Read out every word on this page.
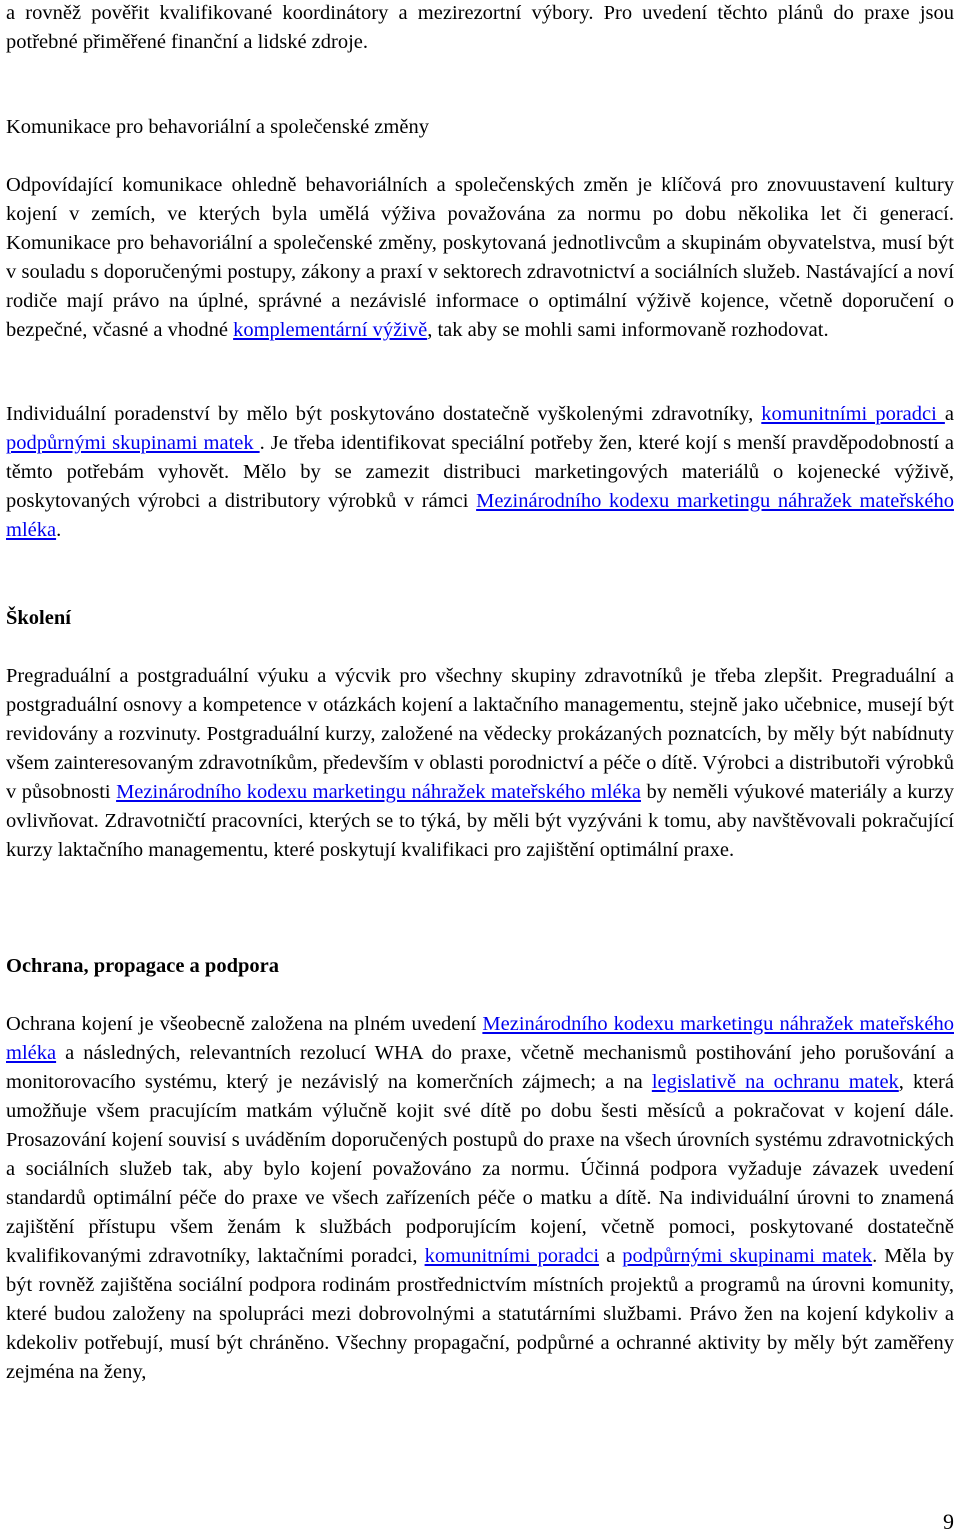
a rovněž pověřit kvalifikované koordinátory a mezirezortní výbory. Pro uvedení těchto plánů do praxe jsou potřebné přiměřené finanční a lidské zdroje.

Komunikace pro behavoriální a společenské změny

Odpovídající komunikace ohledně behavoriálních a společenských změn je klíčová pro znovuustavení kultury kojení v zemích, ve kterých byla umělá výživa považována za normu po dobu několika let či generací. Komunikace pro behavoriální a společenské změny, poskytovaná jednotlivcům a skupinám obyvatelstva, musí být v souladu s doporučenými postupy, zákony a praxí v sektorech zdravotnictví a sociálních služeb. Nastávající a noví rodiče mají právo na úplné, správné a nezávislé informace o optimální výživě kojence, včetně doporučení o bezpečné, včasné a vhodné komplementární výživě, tak aby se mohli sami informovaně rozhodovat.

Individuální poradenství by mělo být poskytováno dostatečně vyškolenými zdravotníky, komunitními poradci a podpůrnými skupinami matek . Je třeba identifikovat speciální potřeby žen, které kojí s menší pravděpodobností a těmto potřebám vyhovět. Mělo by se zamezit distribuci marketingových materiálů o kojenecké výživě, poskytovaných výrobci a distributory výrobků v rámci Mezinárodního kodexu marketingu náhražek mateřského mléka.

Školení

Pregraduální a postgraduální výuku a výcvik pro všechny skupiny zdravotníků je třeba zlepšit. Pregraduální a postgraduální osnovy a kompetence v otázkách kojení a laktačního managementu, stejně jako učebnice, musejí být revidovány a rozvinuty. Postgraduální kurzy, založené na vědecky prokázaných poznatcích, by měly být nabídnuty všem zainteresovaným zdravotníkům, především v oblasti porodnictví a péče o dítě. Výrobci a distributoři výrobků v působnosti Mezinárodního kodexu marketingu náhražek mateřského mléka by neměli výukové materiály a kurzy ovlivňovat. Zdravotničtí pracovníci, kterých se to týká, by měli být vyzýváni k tomu, aby navštěvovali pokračující kurzy laktačního managementu, které poskytují kvalifikaci pro zajištění optimální praxe.

Ochrana, propagace a podpora

Ochrana kojení je všeobecně založena na plném uvedení Mezinárodního kodexu marketingu náhražek mateřského mléka a následných, relevantních rezolucí WHA do praxe, včetně mechanismů postihování jeho porušování a monitorovacího systému, který je nezávislý na komerčních zájmech; a na legislativě na ochranu matek, která umožňuje všem pracujícím matkám výlučně kojit své dítě po dobu šesti měsíců a pokračovat v kojení dále. Prosazování kojení souvisí s uváděním doporučených postupů do praxe na všech úrovních systému zdravotnických a sociálních služeb tak, aby bylo kojení považováno za normu. Účinná podpora vyžaduje závazek uvedení standardů optimální péče do praxe ve všech zařízeních péče o matku a dítě. Na individuální úrovni to znamená zajištění přístupu všem ženám k službách podporujícím kojení, včetně pomoci, poskytované dostatečně kvalifikovanými zdravotníky, laktačními poradci, komunitními poradci a podpůrnými skupinami matek. Měla by být rovněž zajištěna sociální podpora rodinám prostřednictvím místních projektů a programů na úrovni komunity, které budou založeny na spolupráci mezi dobrovolnými a statutárními službami. Právo žen na kojení kdykoliv a kdekoliv potřebují, musí být chráněno. Všechny propagační, podpůrné a ochranné aktivity by měly být zaměřeny zejména na ženy,

9
